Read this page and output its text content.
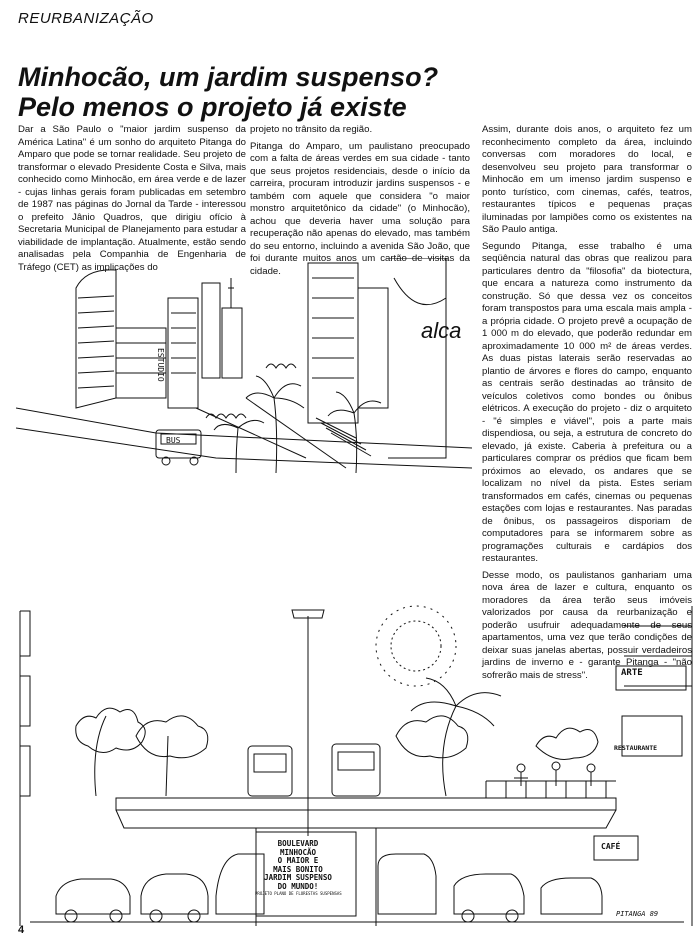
REURBANIZAÇÃO
Minhocão, um jardim suspenso?
Pelo menos o projeto já existe

Dar a São Paulo o "maior jardim suspenso da América Latina" é um sonho do arquiteto Pitanga do Amparo que pode se tornar realidade. Seu projeto de transformar o elevado Presidente Costa e Silva, mais conhecido como Minhocão, em área verde e de lazer - cujas linhas gerais foram publicadas em setembro de 1987 nas páginas do Jornal da Tarde - interessou o prefeito Jânio Quadros, que dirigiu ofício à Secretaria Municipal de Planejamento para estudar a viabilidade de implantação. Atualmente, estão sendo analisadas pela Companhia de Engenharia de Tráfego (CET) as implicações do

projeto no trânsito da região.

Pitanga do Amparo, um paulistano preocupado com a falta de áreas verdes em sua cidade - tanto que seus projetos residenciais, desde o início da carreira, procuram introduzir jardins suspensos - e também com aquele que considera "o maior monstro arquitetônico da cidade" (o Minhocão), achou que deveria haver uma solução para recuperação não apenas do elevado, mas também do seu entorno, incluindo a avenida São João, que foi durante muitos anos um cartão de visitas da cidade.

Assim, durante dois anos, o arquiteto fez um reconhecimento completo da área, incluindo conversas com moradores do local, e desenvolveu seu projeto para transformar o Minhocão em um imenso jardim suspenso e ponto turístico, com cinemas, cafés, teatros, restaurantes típicos e pequenas praças iluminadas por lampiões como os existentes na São Paulo antiga.

Segundo Pitanga, esse trabalho é uma seqüência natural das obras que realizou para particulares dentro da "filosofia" da biotectura, que encara a natureza como instrumento da construção. Só que dessa vez os conceitos foram transpostos para uma escala mais ampla - a própria cidade. O projeto prevê a ocupação de 1 000 m do elevado, que poderão redundar em aproximadamente 10 000 m² de áreas verdes. As duas pistas laterais serão reservadas ao plantio de árvores e flores do campo, enquanto as centrais serão destinadas ao trânsito de veículos coletivos como bondes ou ônibus elétricos. A execução do projeto - diz o arquiteto - "é simples e viável", pois a parte mais dispendiosa, ou seja, a estrutura de concreto do elevado, já existe. Caberia à prefeitura ou a particulares comprar os prédios que ficam bem próximos ao elevado, os andares que se localizam no nível da pista. Estes seriam transformados em cafés, cinemas ou pequenas estações com lojas e restaurantes. Nas paradas de ônibus, os passageiros disporiam de computadores para se informarem sobre as programações culturais e cardápios dos restaurantes.

Desse modo, os paulistanos ganhariam uma nova área de lazer e cultura, enquanto os moradores da área terão seus imóveis valorizados por causa da reurbanização e poderão usufruir adequadamente de seus apartamentos, uma vez que terão condições de deixar suas janelas abertas, possuir verdadeiros jardins de inverno e - garante Pitanga - "não sofrerão mais de stress".

BUS
ESTUDIO
alca
ARTE
RESTAURANTE
CAFÉ
PITANGA 89
BOULEVARD
MINHOCÃO
O MAIOR E
MAIS BONITO
JARDIM SUSPENSO
DO MUNDO!
PROJETO PLANO DE FLORESTAS SUSPENSAS
4
